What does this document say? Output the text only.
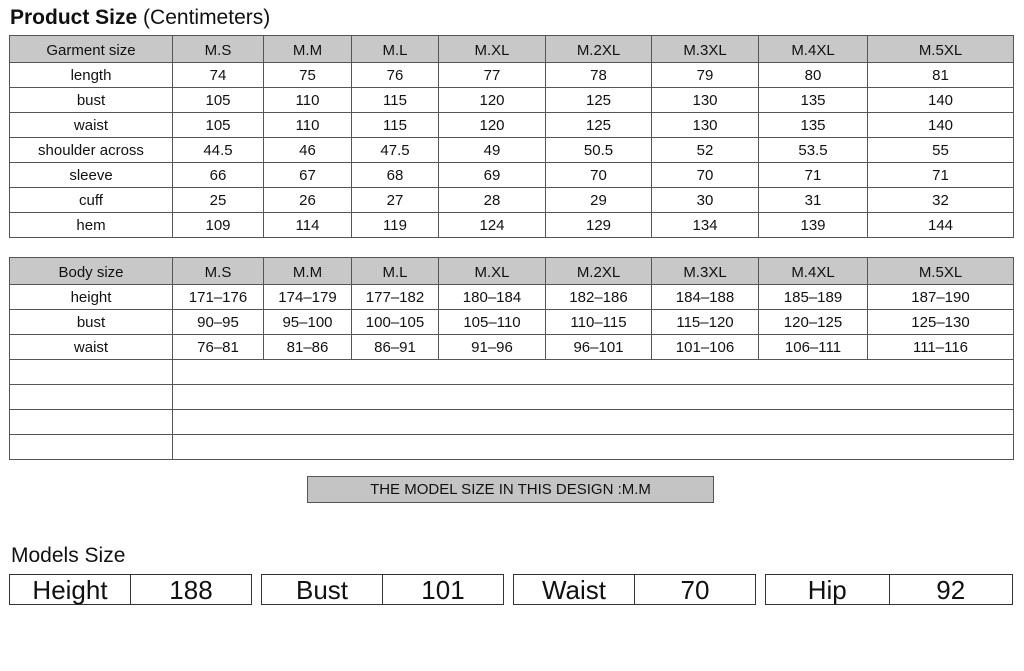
Product Size (Centimeters)
Garment size	M.S	M.M	M.L	M.XL	M.2XL	M.3XL	M.4XL	M.5XL
length	74	75	76	77	78	79	80	81
bust	105	110	115	120	125	130	135	140
waist	105	110	115	120	125	130	135	140
shoulder across	44.5	46	47.5	49	50.5	52	53.5	55
sleeve	66	67	68	69	70	70	71	71
cuff	25	26	27	28	29	30	31	32
hem	109	114	119	124	129	134	139	144
Body size	M.S	M.M	M.L	M.XL	M.2XL	M.3XL	M.4XL	M.5XL
height	171–176	174–179	177–182	180–184	182–186	184–188	185–189	187–190
bust	90–95	95–100	100–105	105–110	110–115	115–120	120–125	125–130
waist	76–81	81–86	86–91	91–96	96–101	101–106	106–111	111–116

THE MODEL SIZE IN THIS DESIGN :M.M
Models Size
Height	188	Bust	101	Waist	70	Hip	92
